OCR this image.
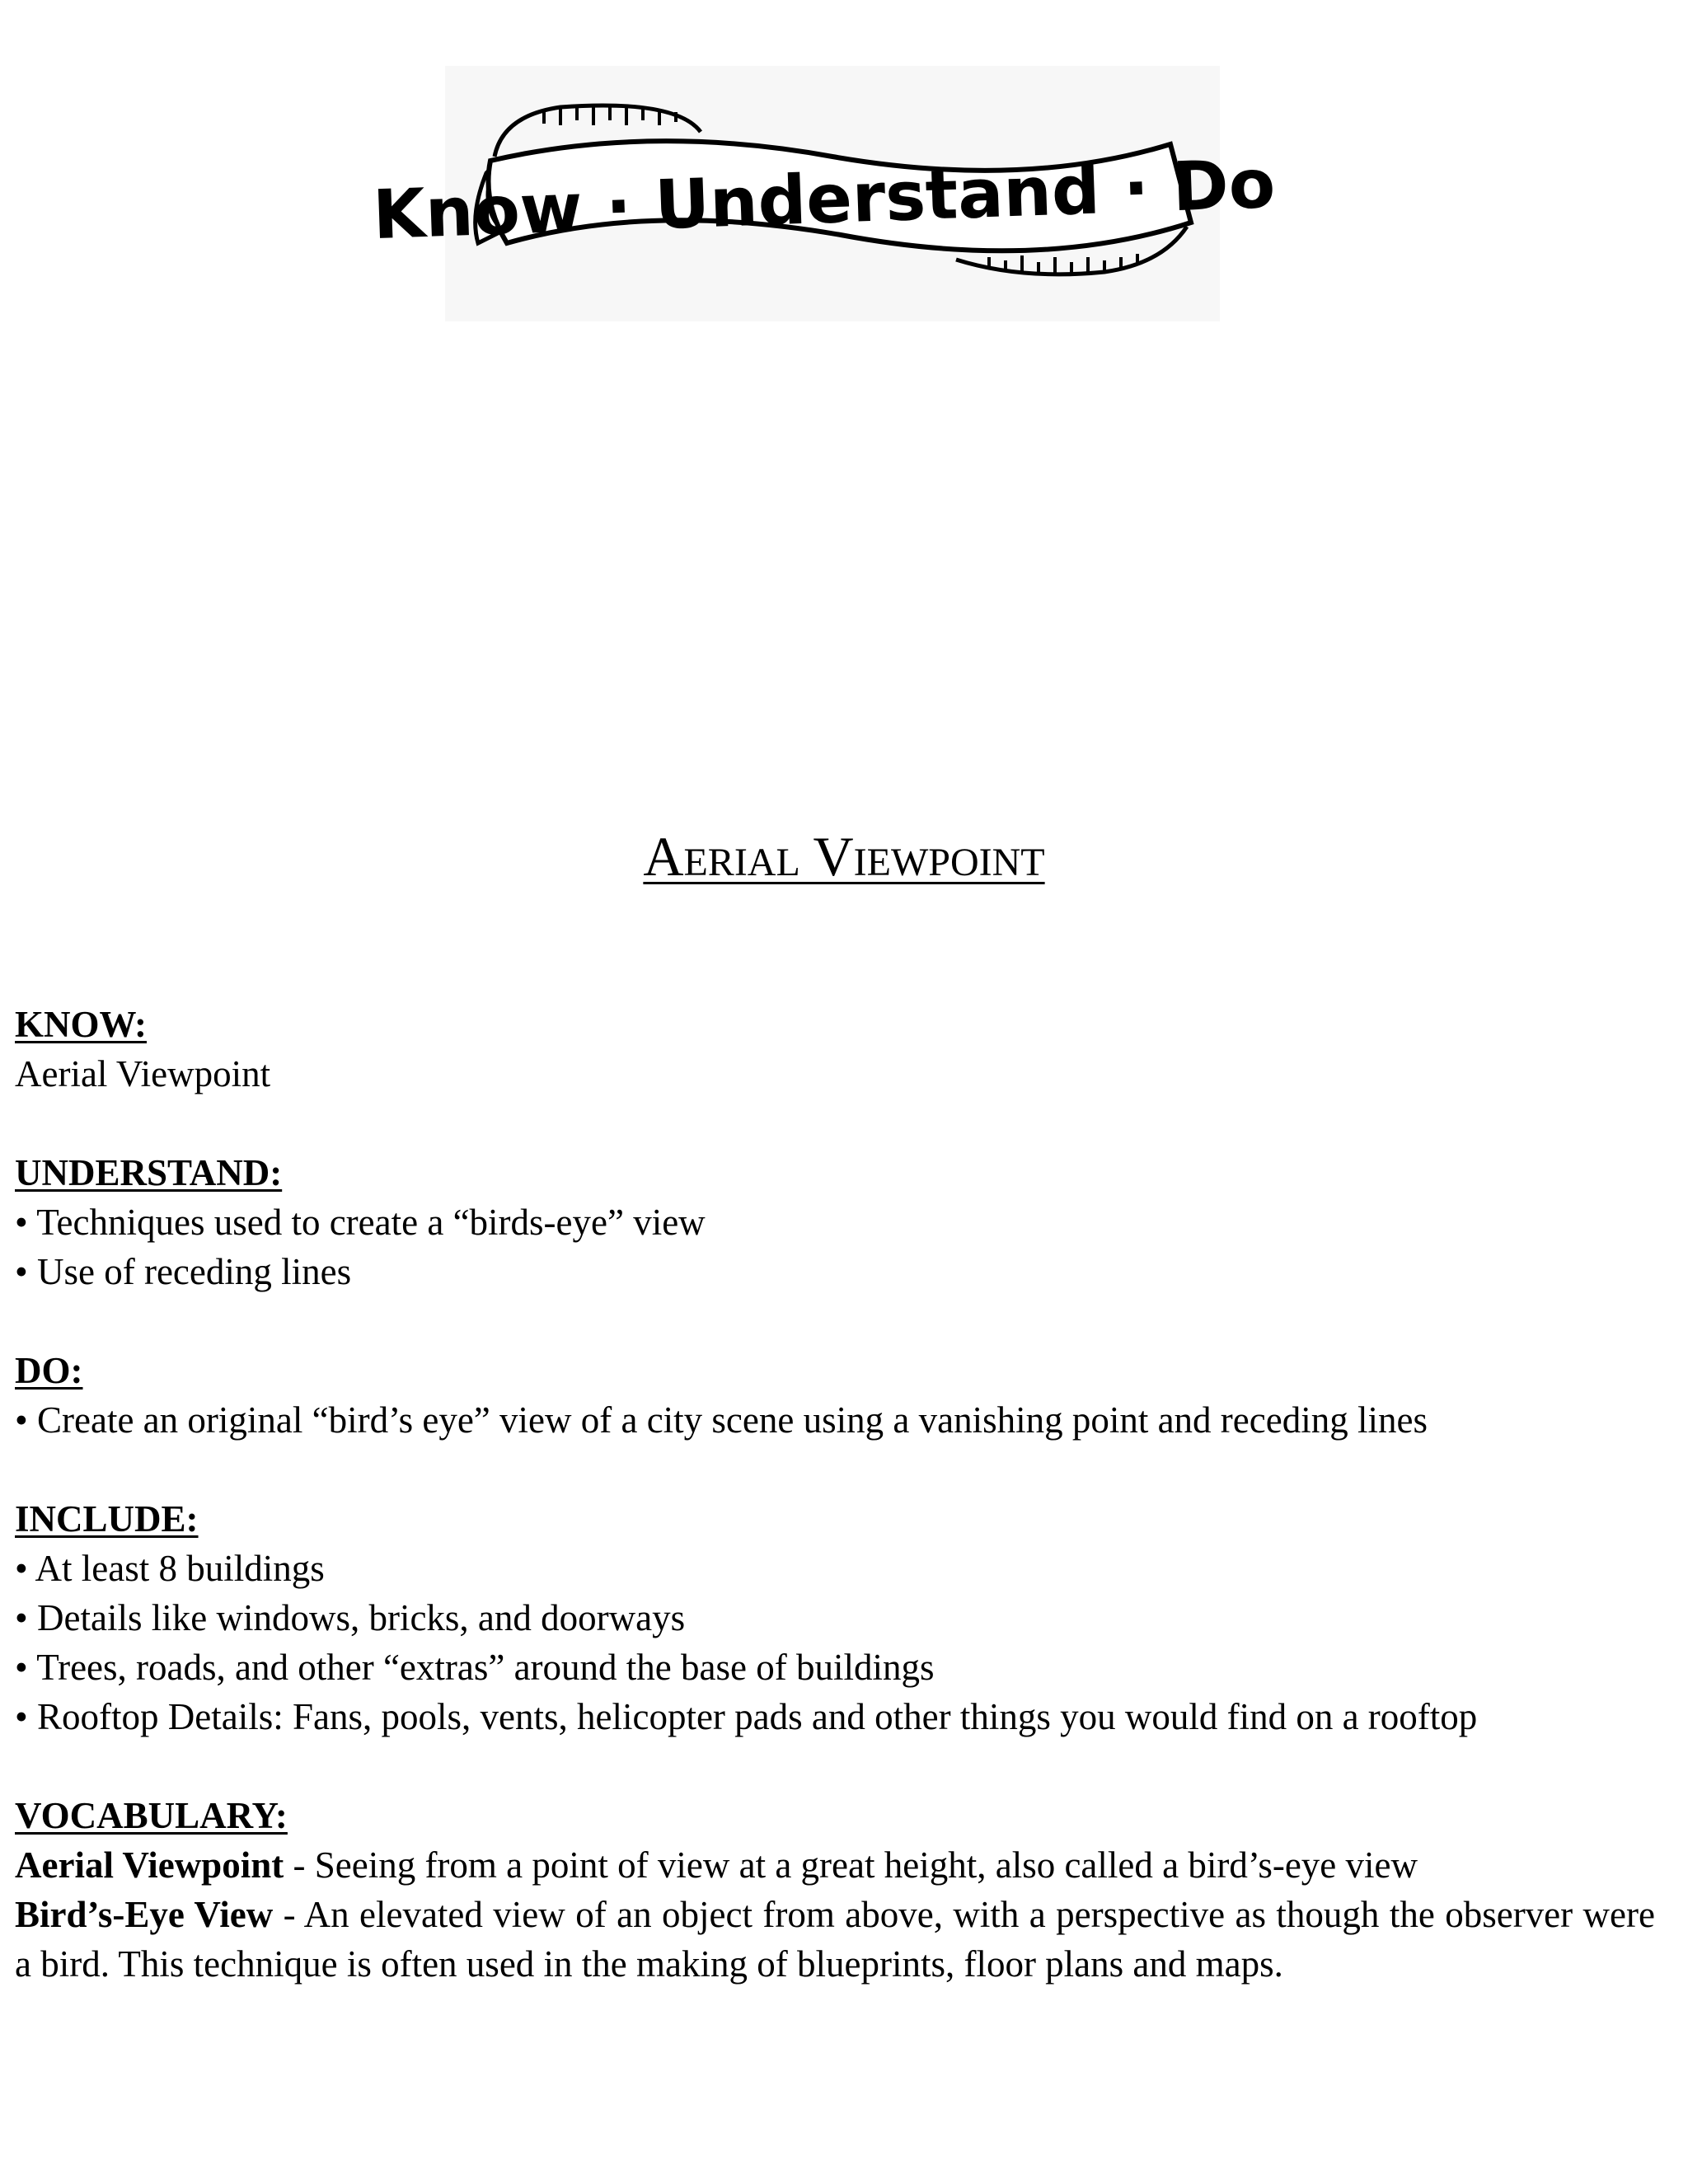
Know · Understand · Do
Aerial Viewpoint
KNOW:
Aerial Viewpoint
UNDERSTAND:
• Techniques used to create a “birds-eye” view
• Use of receding lines
DO:
• Create an original “bird’s eye” view of a city scene using a vanishing point and receding lines
INCLUDE:
• At least 8 buildings
• Details like windows, bricks, and doorways
• Trees, roads, and other “extras” around the base of buildings
• Rooftop Details: Fans, pools, vents, helicopter pads and other things you would find on a rooftop
VOCABULARY:
Aerial Viewpoint - Seeing from a point of view at a great height, also called a bird’s-eye view
Bird’s-Eye View - An elevated view of an object from above, with a perspective as though the observer were a bird. This technique is often used in the making of blueprints, floor plans and maps.
